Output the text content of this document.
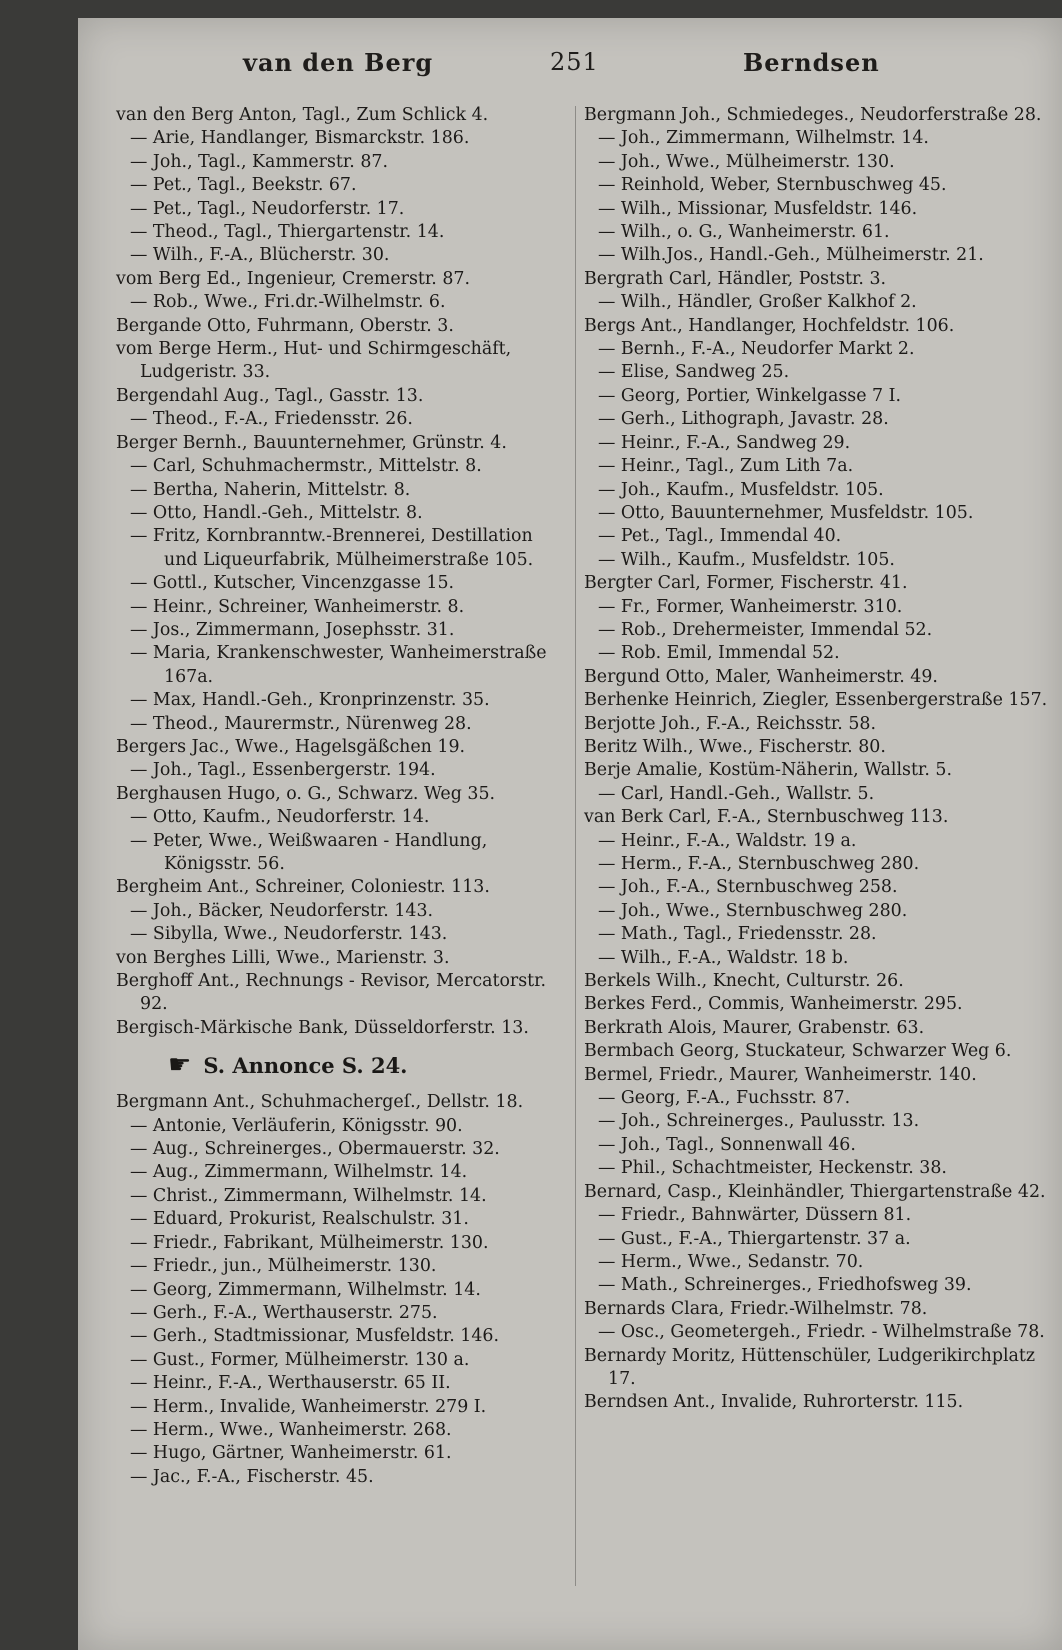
van den Berg	251	Berndsen
van den Berg Anton, Tagl., Zum Schlick 4.
— Arie, Handlanger, Bismarckstr. 186.
— Joh., Tagl., Kammerstr. 87.
— Pet., Tagl., Beekstr. 67.
— Pet., Tagl., Neudorferstr. 17.
— Theod., Tagl., Thiergartenstr. 14.
— Wilh., F.-A., Blücherstr. 30.
vom Berg Ed., Ingenieur, Cremerstr. 87.
— Rob., Wwe., Fri.dr.-Wilhelmstr. 6.
Bergande Otto, Fuhrmann, Oberstr. 3.
vom Berge Herm., Hut- und Schirmgeschäft, Ludgeristr. 33.
Bergendahl Aug., Tagl., Gasstr. 13.
— Theod., F.-A., Friedensstr. 26.
Berger Bernh., Bauunternehmer, Grünstr. 4.
— Carl, Schuhmachermstr., Mittelstr. 8.
— Bertha, Naherin, Mittelstr. 8.
— Otto, Handl.-Geh., Mittelstr. 8.
— Fritz, Kornbranntw.-Brennerei, Destillation und Liqueurfabrik, Mülheimerstraße 105.
— Gottl., Kutscher, Vincenzgasse 15.
— Heinr., Schreiner, Wanheimerstr. 8.
— Jos., Zimmermann, Josephsstr. 31.
— Maria, Krankenschwester, Wanheimerstraße 167a.
— Max, Handl.-Geh., Kronprinzenstr. 35.
— Theod., Maurermstr., Nürenweg 28.
Bergers Jac., Wwe., Hagelsgäßchen 19.
— Joh., Tagl., Essenbergerstr. 194.
Berghausen Hugo, o. G., Schwarz. Weg 35.
— Otto, Kaufm., Neudorferstr. 14.
— Peter, Wwe., Weißwaaren - Handlung, Königsstr. 56.
Bergheim Ant., Schreiner, Coloniestr. 113.
— Joh., Bäcker, Neudorferstr. 143.
— Sibylla, Wwe., Neudorferstr. 143.
von Berghes Lilli, Wwe., Marienstr. 3.
Berghoff Ant., Rechnungs - Revisor, Mercatorstr. 92.
Bergisch-Märkische Bank, Düsseldorferstr. 13.
☛ S. Annonce S. 24.
Bergmann Ant., Schuhmachergeſ., Dellstr. 18.
— Antonie, Verläuferin, Königsstr. 90.
— Aug., Schreinerges., Obermauerstr. 32.
— Aug., Zimmermann, Wilhelmstr. 14.
— Christ., Zimmermann, Wilhelmstr. 14.
— Eduard, Prokurist, Realschulstr. 31.
— Friedr., Fabrikant, Mülheimerstr. 130.
— Friedr., jun., Mülheimerstr. 130.
— Georg, Zimmermann, Wilhelmstr. 14.
— Gerh., F.-A., Werthauserstr. 275.
— Gerh., Stadtmissionar, Musfeldstr. 146.
— Gust., Former, Mülheimerstr. 130 a.
— Heinr., F.-A., Werthauserstr. 65 II.
— Herm., Invalide, Wanheimerstr. 279 I.
— Herm., Wwe., Wanheimerstr. 268.
— Hugo, Gärtner, Wanheimerstr. 61.
— Jac., F.-A., Fischerstr. 45.
Bergmann Joh., Schmiedeges., Neudorferstraße 28.
— Joh., Zimmermann, Wilhelmstr. 14.
— Joh., Wwe., Mülheimerstr. 130.
— Reinhold, Weber, Sternbuschweg 45.
— Wilh., Missionar, Musfeldstr. 146.
— Wilh., o. G., Wanheimerstr. 61.
— Wilh.Jos., Handl.-Geh., Mülheimerstr. 21.
Bergrath Carl, Händler, Poststr. 3.
— Wilh., Händler, Großer Kalkhof 2.
Bergs Ant., Handlanger, Hochfeldstr. 106.
— Bernh., F.-A., Neudorfer Markt 2.
— Elise, Sandweg 25.
— Georg, Portier, Winkelgasse 7 I.
— Gerh., Lithograph, Javastr. 28.
— Heinr., F.-A., Sandweg 29.
— Heinr., Tagl., Zum Lith 7a.
— Joh., Kaufm., Musfeldstr. 105.
— Otto, Bauunternehmer, Musfeldstr. 105.
— Pet., Tagl., Immendal 40.
— Wilh., Kaufm., Musfeldstr. 105.
Bergter Carl, Former, Fischerstr. 41.
— Fr., Former, Wanheimerstr. 310.
— Rob., Drehermeister, Immendal 52.
— Rob. Emil, Immendal 52.
Bergund Otto, Maler, Wanheimerstr. 49.
Berhenke Heinrich, Ziegler, Essenbergerstraße 157.
Berjotte Joh., F.-A., Reichsstr. 58.
Beritz Wilh., Wwe., Fischerstr. 80.
Berje Amalie, Kostüm-Näherin, Wallstr. 5.
— Carl, Handl.-Geh., Wallstr. 5.
van Berk Carl, F.-A., Sternbuschweg 113.
— Heinr., F.-A., Waldstr. 19 a.
— Herm., F.-A., Sternbuschweg 280.
— Joh., F.-A., Sternbuschweg 258.
— Joh., Wwe., Sternbuschweg 280.
— Math., Tagl., Friedensstr. 28.
— Wilh., F.-A., Waldstr. 18 b.
Berkels Wilh., Knecht, Culturstr. 26.
Berkes Ferd., Commis, Wanheimerstr. 295.
Berkrath Alois, Maurer, Grabenstr. 63.
Bermbach Georg, Stuckateur, Schwarzer Weg 6.
Bermel, Friedr., Maurer, Wanheimerstr. 140.
— Georg, F.-A., Fuchsstr. 87.
— Joh., Schreinerges., Paulusstr. 13.
— Joh., Tagl., Sonnenwall 46.
— Phil., Schachtmeister, Heckenstr. 38.
Bernard, Casp., Kleinhändler, Thiergartenstraße 42.
— Friedr., Bahnwärter, Düssern 81.
— Gust., F.-A., Thiergartenstr. 37 a.
— Herm., Wwe., Sedanstr. 70.
— Math., Schreinerges., Friedhofsweg 39.
Bernards Clara, Friedr.-Wilhelmstr. 78.
— Osc., Geometergeh., Friedr. - Wilhelmstraße 78.
Bernardy Moritz, Hüttenschüler, Ludgerikirchplatz 17.
Berndsen Ant., Invalide, Ruhrorterstr. 115.
